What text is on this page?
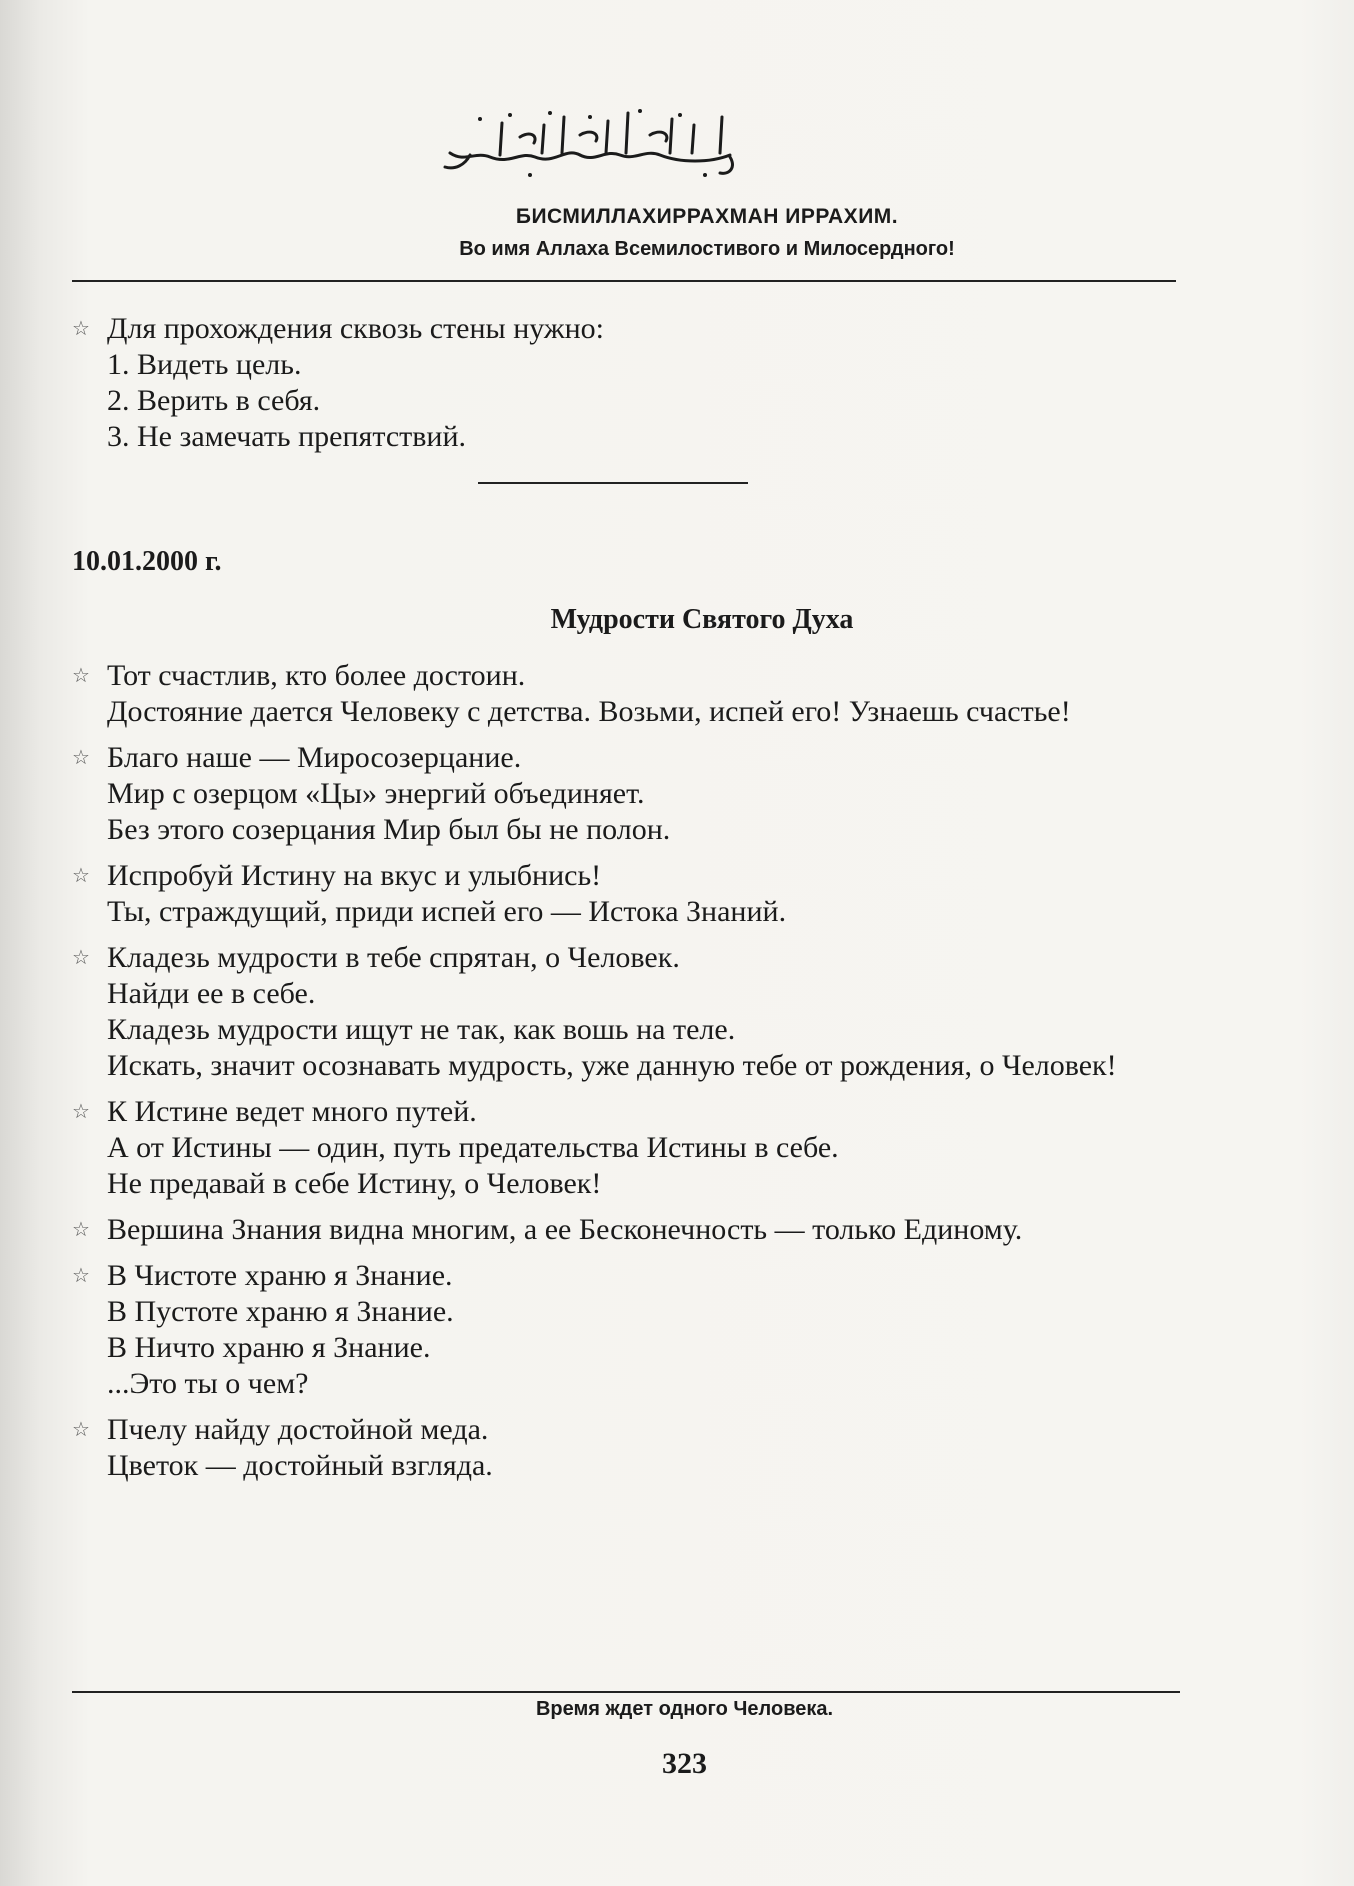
БИСМИЛЛАХИРРАХМАН ИРРАХИМ.
Во имя Аллаха Всемилостивого и Милосердного!
☆ Для прохождения сквозь стены нужно:
1. Видеть цель.
2. Верить в себя.
3. Не замечать препятствий.
10.01.2000 г.
Мудрости Святого Духа
☆ Тот счастлив, кто более достоин.
Достояние дается Человеку с детства. Возьми, испей его! Узнаешь счастье!
☆ Благо наше — Миросозерцание.
Мир с озерцом «Цы» энергий объединяет.
Без этого созерцания Мир был бы не полон.
☆ Испробуй Истину на вкус и улыбнись!
Ты, страждущий, приди испей его — Истока Знаний.
☆ Кладезь мудрости в тебе спрятан, о Человек.
Найди ее в себе.
Кладезь мудрости ищут не так, как вошь на теле.
Искать, значит осознавать мудрость, уже данную тебе от рождения, о Человек!
☆ К Истине ведет много путей.
А от Истины — один, путь предательства Истины в себе.
Не предавай в себе Истину, о Человек!
☆ Вершина Знания видна многим, а ее Бесконечность — только Единому.
☆ В Чистоте храню я Знание.
В Пустоте храню я Знание.
В Ничто храню я Знание.
...Это ты о чем?
☆ Пчелу найду достойной меда.
Цветок — достойный взгляда.
Время ждет одного Человека.
323
